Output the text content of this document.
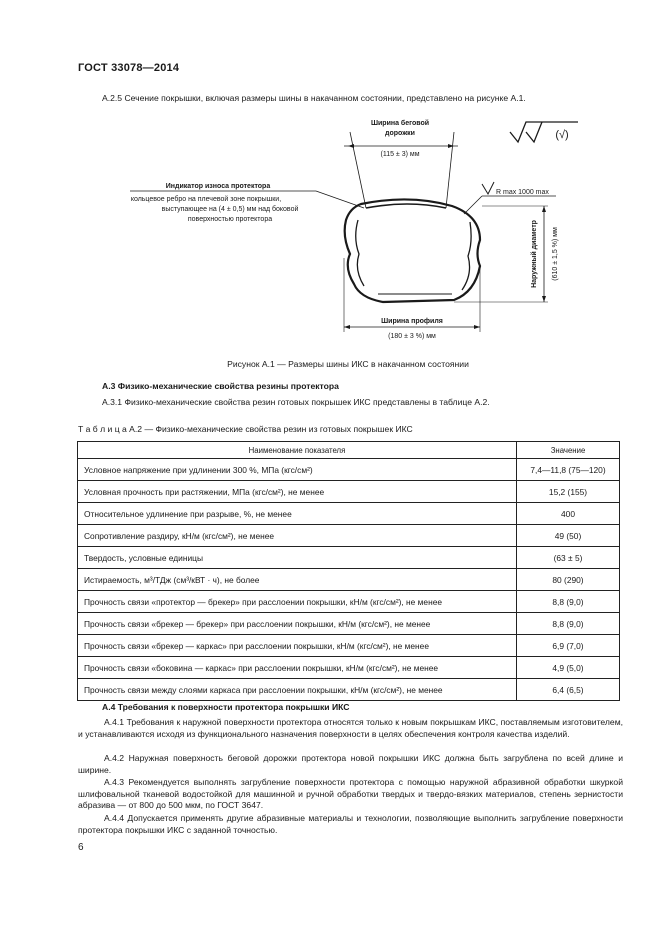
ГОСТ 33078—2014
А.2.5 Сечение покрышки, включая размеры шины в накачанном состоянии, представлено на рисунке А.1.
Ширина беговой
дорожки
(115 ± 3) мм
(√)
Индикатор износа протектора
кольцевое ребро на плечевой зоне покрышки,
выступающее на (4 ± 0,5) мм над боковой
поверхностью протектора
R max 1000 max
Наружный диаметр (610 ± 1,5 %) мм
Ширина профиля
(180 ± 3 %) мм
Рисунок А.1 — Размеры шины ИКС в накачанном состоянии
А.3 Физико-механические свойства резины протектора
А.3.1 Физико-механические свойства резин готовых покрышек ИКС представлены в таблице А.2.
Т а б л и ц а А.2 — Физико-механические свойства резин из готовых покрышек ИКС
Наименование показателя	Значение
Условное напряжение при удлинении 300 %, МПа (кгс/см²)	7,4—11,8 (75—120)
Условная прочность при растяжении, МПа (кгс/см²), не менее	15,2 (155)
Относительное удлинение при разрыве, %, не менее	400
Сопротивление раздиру, кН/м (кгс/см²), не менее	49 (50)
Твердость, условные единицы	(63 ± 5)
Истираемость, м³/ТДж (см³/кВТ · ч), не более	80 (290)
Прочность связи «протектор — брекер» при расслоении покрышки, кН/м (кгс/см²), не менее	8,8 (9,0)
Прочность связи «брекер — брекер» при расслоении покрышки, кН/м (кгс/см²), не менее	8,8 (9,0)
Прочность связи «брекер — каркас» при расслоении покрышки, кН/м (кгс/см²), не менее	6,9 (7,0)
Прочность связи «боковина — каркас» при расслоении покрышки, кН/м (кгс/см²), не менее	4,9 (5,0)
Прочность связи между слоями каркаса при расслоении покрышки, кН/м (кгс/см²), не менее	6,4 (6,5)
А.4 Требования к поверхности протектора покрышки ИКС
А.4.1 Требования к наружной поверхности протектора относятся только к новым покрышкам ИКС, поставляемым изготовителем, и устанавливаются исходя из функционального назначения поверхности в целях обеспечения контроля качества изделий.
А.4.2 Наружная поверхность беговой дорожки протектора новой покрышки ИКС должна быть загрублена по всей длине и ширине.
А.4.3 Рекомендуется выполнять загрубление поверхности протектора с помощью наружной абразивной обработки шкуркой шлифовальной тканевой водостойкой для машинной и ручной обработки твердых и твердо-вязких материалов, степень зернистости абразива — от 800 до 500 мкм, по ГОСТ 3647.
А.4.4 Допускается применять другие абразивные материалы и технологии, позволяющие выполнить загрубление поверхности протектора покрышки ИКС с заданной точностью.
6
